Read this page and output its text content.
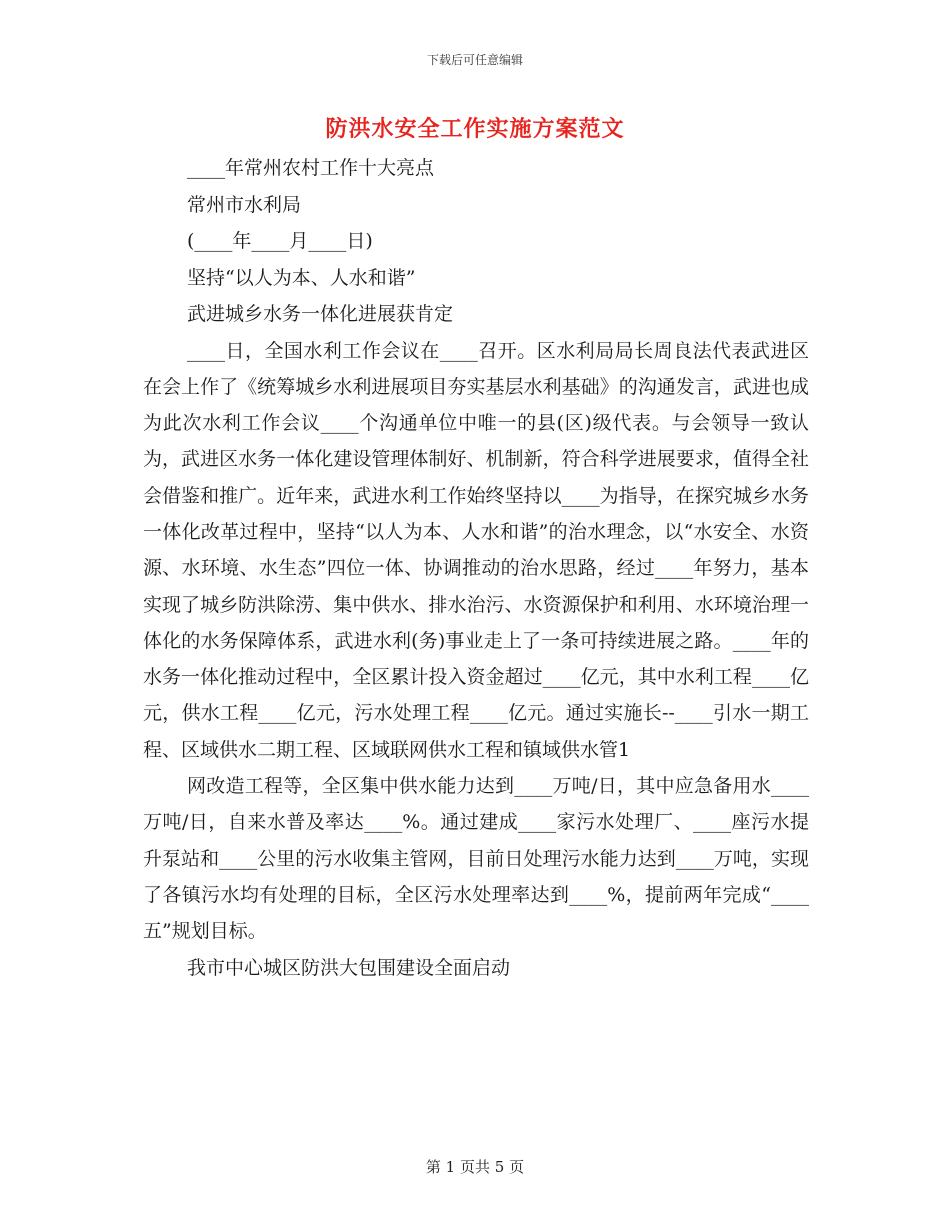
下载后可任意编辑
防洪水安全工作实施方案范文
____年常州农村工作十大亮点
常州市水利局
(____年____月____日)
坚持“以人为本、人水和谐”
武进城乡水务一体化进展获肯定

____日，全国水利工作会议在____召开。区水利局局长周良法代表武进区在会上作了《统筹城乡水利进展项目夯实基层水利基础》的沟通发言，武进也成为此次水利工作会议____个沟通单位中唯一的县(区)级代表。与会领导一致认为，武进区水务一体化建设管理体制好、机制新，符合科学进展要求，值得全社会借鉴和推广。近年来，武进水利工作始终坚持以____为指导，在探究城乡水务一体化改革过程中，坚持“以人为本、人水和谐”的治水理念，以“水安全、水资源、水环境、水生态”四位一体、协调推动的治水思路，经过____年努力，基本实现了城乡防洪除涝、集中供水、排水治污、水资源保护和利用、水环境治理一体化的水务保障体系，武进水利(务)事业走上了一条可持续进展之路。____年的水务一体化推动过程中，全区累计投入资金超过____亿元，其中水利工程____亿元，供水工程____亿元，污水处理工程____亿元。通过实施长--____引水一期工程、区域供水二期工程、区域联网供水工程和镇域供水管1

网改造工程等，全区集中供水能力达到____万吨/日，其中应急备用水____万吨/日，自来水普及率达____%。通过建成____家污水处理厂、____座污水提升泵站和____公里的污水收集主管网，目前日处理污水能力达到____万吨，实现了各镇污水均有处理的目标，全区污水处理率达到____%，提前两年完成“____五”规划目标。

我市中心城区防洪大包围建设全面启动
第 1 页共 5 页
